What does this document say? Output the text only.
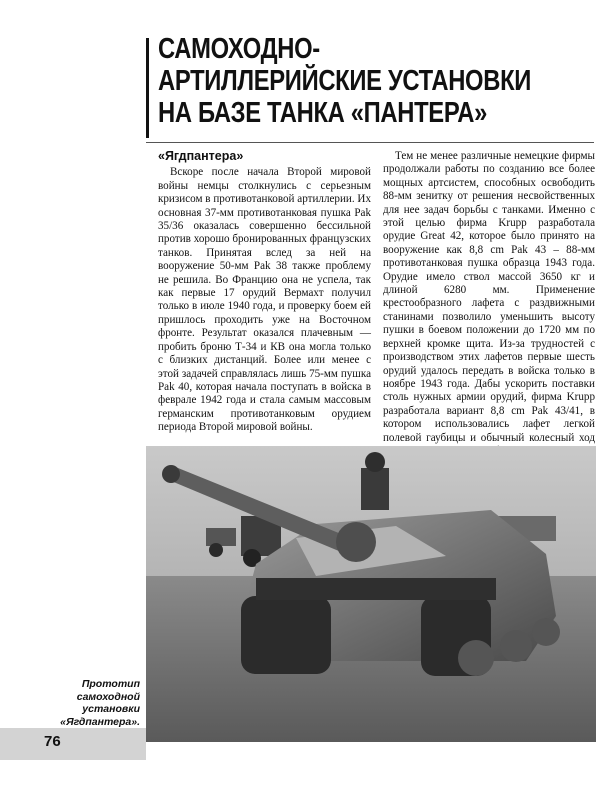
САМОХОДНО-
АРТИЛЛЕРИЙСКИЕ УСТАНОВКИ
НА БАЗЕ ТАНКА «ПАНТЕРА»
«Ягдпантера»

Вскоре после начала Второй мировой войны немцы столкнулись с серьезным кризисом в противотанковой артиллерии. Их основная 37-мм противотанковая пушка Pak 35/36 оказалась совершенно бессильной против хорошо бронированных французских танков. Принятая вслед за ней на вооружение 50-мм Pak 38 также проблему не решила. Во Францию она не успела, так как первые 17 орудий Вермахт получил только в июле 1940 года, и проверку боем ей пришлось проходить уже на Восточном фронте. Результат оказался плачевным — пробить броню Т-34 и КВ она могла только с близких дистанций. Более или менее с этой задачей справлялась лишь 75-мм пушка Pak 40, которая начала поступать в войска в феврале 1942 года и стала самым массовым германским противотанковым орудием периода Второй мировой войны.

Тем не менее различные немецкие фирмы продолжали работы по созданию все более мощных артсистем, способных освободить 88-мм зенитку от решения несвойственных для нее задач борьбы с танками. Именно с этой целью фирма Krupp разработала орудие Great 42, которое было принято на вооружение как 8,8 cm Pak 43 – 88-мм противотанковая пушка образца 1943 года. Орудие имело ствол массой 3650 кг и длиной 6280 мм. Применение крестообразного лафета с раздвижными станинами позволило уменьшить высоту пушки в боевом положении до 1720 мм по верхней кромке щита. Из-за трудностей с производством этих лафетов первые шесть орудий удалось передать в войска только в ноябре 1943 года. Дабы ускорить поставки столь нужных армии орудий, фирма Krupp разработала вариант 8,8 cm Pak 43/41, в котором использовались лафет легкой полевой гаубицы и обычный колесный ход

Прототип
самоходной
установки
«Ягдпантера».
76
